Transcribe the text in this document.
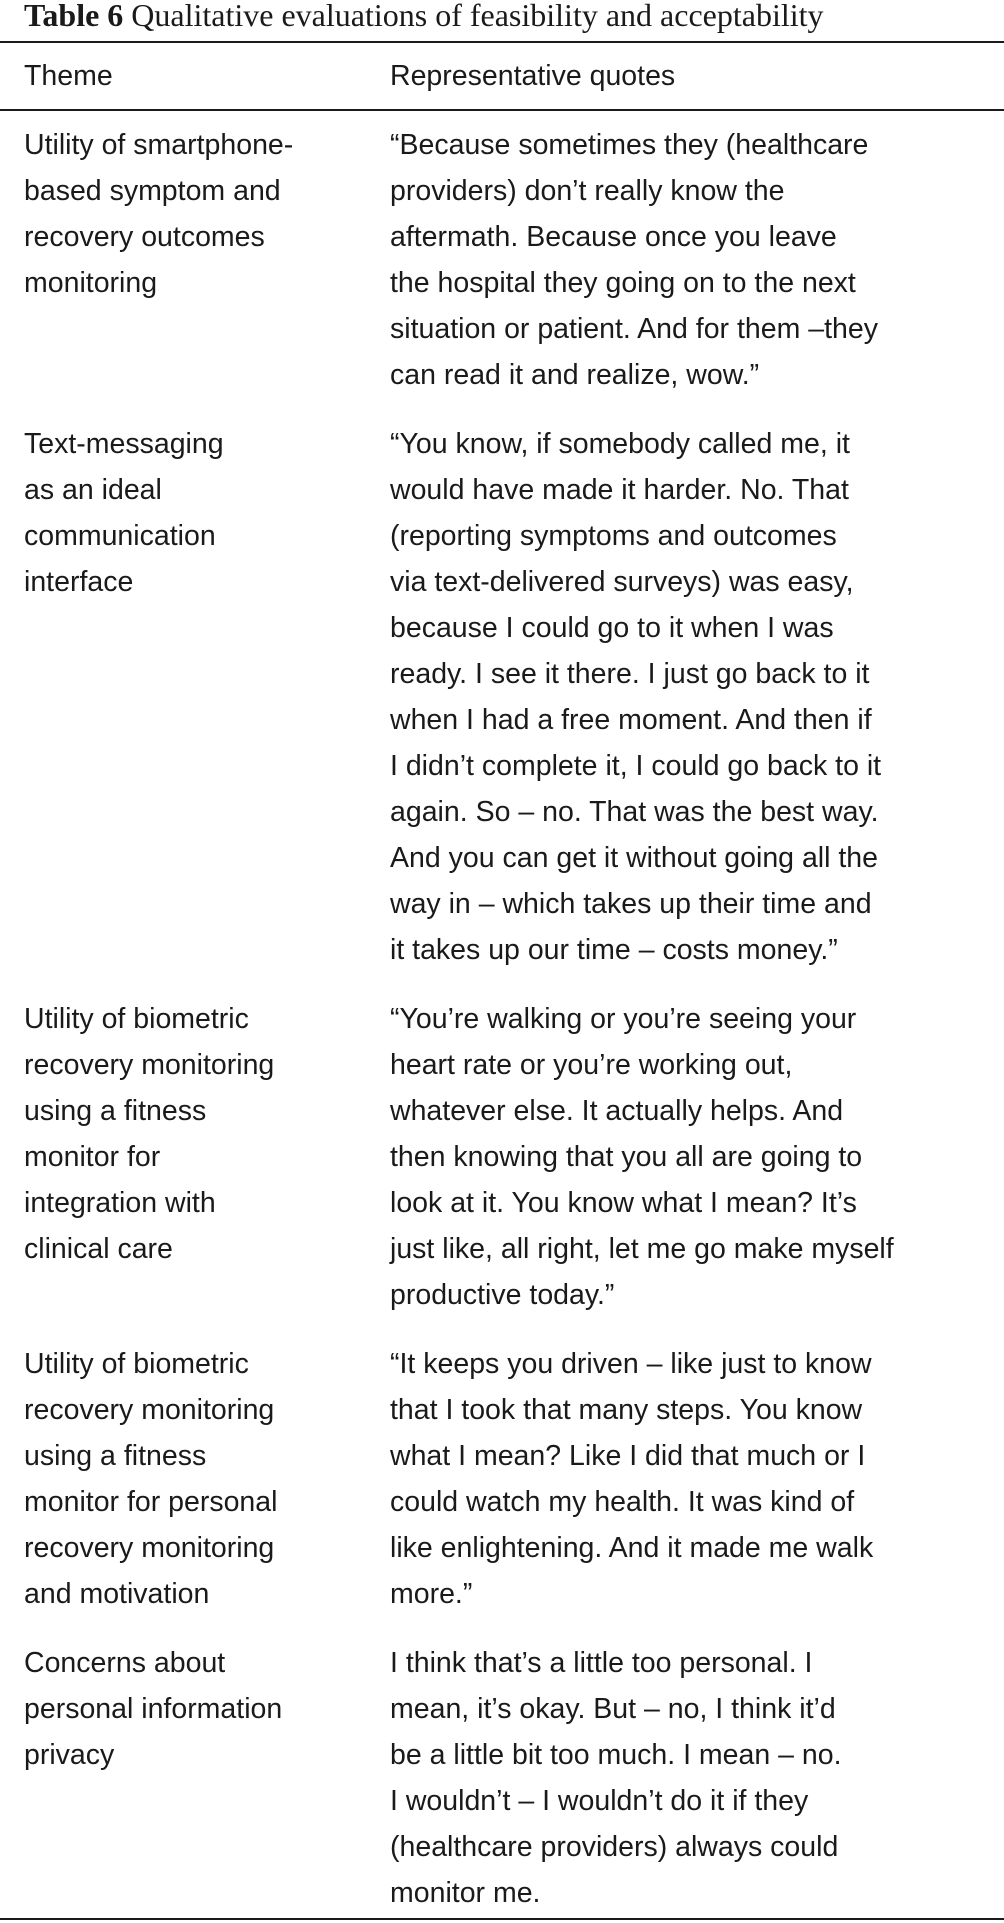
Table 6 Qualitative evaluations of feasibility and acceptability
Theme	Representative quotes
Utility of smartphone-
based symptom and
recovery outcomes
monitoring
“Because sometimes they (healthcare
providers) don’t really know the
aftermath. Because once you leave
the hospital they going on to the next
situation or patient. And for them –they
can read it and realize, wow.”
Text-messaging
as an ideal
communication
interface
“You know, if somebody called me, it
would have made it harder. No. That
(reporting symptoms and outcomes
via text-delivered surveys) was easy,
because I could go to it when I was
ready. I see it there. I just go back to it
when I had a free moment. And then if
I didn’t complete it, I could go back to it
again. So – no. That was the best way.
And you can get it without going all the
way in – which takes up their time and
it takes up our time – costs money.”
Utility of biometric
recovery monitoring
using a fitness
monitor for
integration with
clinical care
“You’re walking or you’re seeing your
heart rate or you’re working out,
whatever else. It actually helps. And
then knowing that you all are going to
look at it. You know what I mean? It’s
just like, all right, let me go make myself
productive today.”
Utility of biometric
recovery monitoring
using a fitness
monitor for personal
recovery monitoring
and motivation
“It keeps you driven – like just to know
that I took that many steps. You know
what I mean? Like I did that much or I
could watch my health. It was kind of
like enlightening. And it made me walk
more.”
Concerns about
personal information
privacy
I think that’s a little too personal. I
mean, it’s okay. But – no, I think it’d
be a little bit too much. I mean – no.
I wouldn’t – I wouldn’t do it if they
(healthcare providers) always could
monitor me.
